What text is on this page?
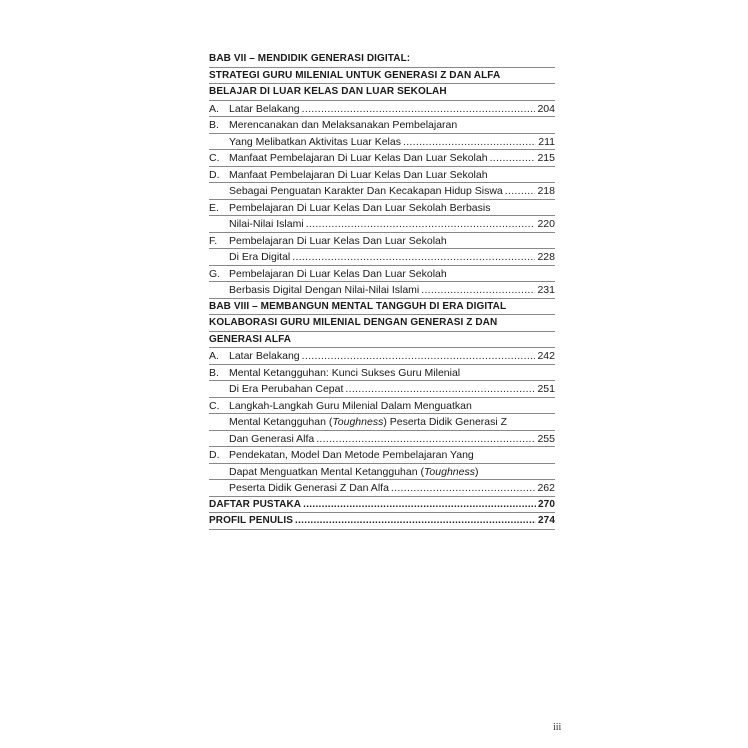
BAB VII – MENDIDIK GENERASI DIGITAL:
STRATEGI GURU MILENIAL UNTUK GENERASI Z DAN ALFA
BELAJAR DI LUAR KELAS DAN LUAR SEKOLAH
A. Latar Belakang .....	204
B. Merencanakan dan Melaksanakan Pembelajaran
Yang Melibatkan Aktivitas Luar Kelas .....	211
C. Manfaat Pembelajaran Di Luar Kelas Dan Luar Sekolah .....	215
D. Manfaat Pembelajaran Di Luar Kelas Dan Luar Sekolah
Sebagai Penguatan Karakter Dan Kecakapan Hidup Siswa .....	218
E. Pembelajaran Di Luar Kelas Dan Luar Sekolah Berbasis
Nilai-Nilai Islami .....	220
F.	Pembelajaran Di Luar Kelas Dan Luar Sekolah
Di Era Digital .....	228
G. Pembelajaran Di Luar Kelas Dan Luar Sekolah
Berbasis Digital Dengan Nilai-Nilai Islami .....	231
BAB VIII – MEMBANGUN MENTAL TANGGUH DI ERA DIGITAL
KOLABORASI GURU MILENIAL DENGAN GENERASI Z DAN
GENERASI ALFA
A. Latar Belakang .....	242
B. Mental Ketangguhan: Kunci Sukses Guru Milenial
Di Era Perubahan Cepat .....	251
C. Langkah-Langkah Guru Milenial Dalam Menguatkan
Mental Ketangguhan (Toughness) Peserta Didik Generasi Z
Dan Generasi Alfa .....	255
D. Pendekatan, Model Dan Metode Pembelajaran Yang
Dapat Menguatkan Mental Ketangguhan (Toughness)
Peserta Didik Generasi Z Dan Alfa .....	262
DAFTAR PUSTAKA .....	270
PROFIL PENULIS .....	274
iii
